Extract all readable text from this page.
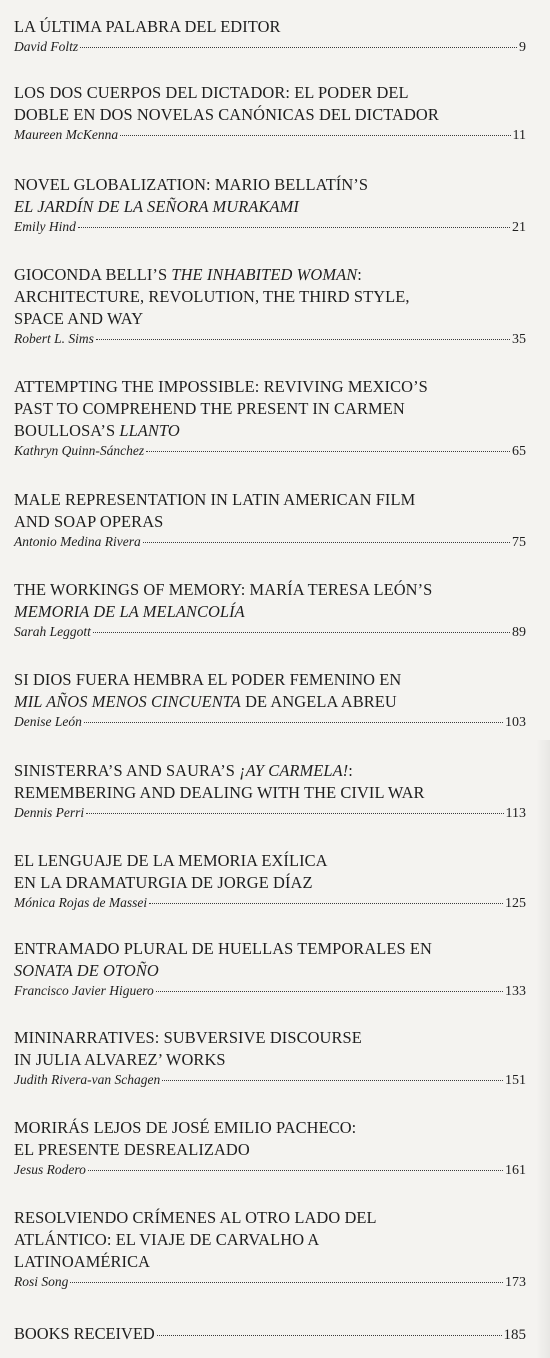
LA ÚLTIMA PALABRA DEL EDITOR
David Foltz	9
LOS DOS CUERPOS DEL DICTADOR: EL PODER DEL
DOBLE EN DOS NOVELAS CANÓNICAS DEL DICTADOR
Maureen McKenna	11
NOVEL GLOBALIZATION: MARIO BELLATÍN’S
EL JARDÍN DE LA SEÑORA MURAKAMI
Emily Hind	21
GIOCONDA BELLI’S THE INHABITED WOMAN:
ARCHITECTURE, REVOLUTION, THE THIRD STYLE,
SPACE AND WAY
Robert L. Sims	35
ATTEMPTING THE IMPOSSIBLE: REVIVING MEXICO’S
PAST TO COMPREHEND THE PRESENT IN CARMEN
BOULLOSA’S LLANTO
Kathryn Quinn-Sánchez	65
MALE REPRESENTATION IN LATIN AMERICAN FILM
AND SOAP OPERAS
Antonio Medina Rivera	75
THE WORKINGS OF MEMORY: MARÍA TERESA LEÓN’S
MEMORIA DE LA MELANCOLÍA
Sarah Leggott	89
SI DIOS FUERA HEMBRA EL PODER FEMENINO EN
MIL AÑOS MENOS CINCUENTA DE ANGELA ABREU
Denise León	103
SINISTERRA’S AND SAURA’S ¡AY CARMELA!:
REMEMBERING AND DEALING WITH THE CIVIL WAR
Dennis Perri	113
EL LENGUAJE DE LA MEMORIA EXÍLICA
EN LA DRAMATURGIA DE JORGE DÍAZ
Mónica Rojas de Massei	125
ENTRAMADO PLURAL DE HUELLAS TEMPORALES EN
SONATA DE OTOÑO
Francisco Javier Higuero	133
MININARRATIVES: SUBVERSIVE DISCOURSE
IN JULIA ALVAREZ’ WORKS
Judith Rivera-van Schagen	151
MORIRÁS LEJOS DE JOSÉ EMILIO PACHECO:
EL PRESENTE DESREALIZADO
Jesus Rodero	161
RESOLVIENDO CRÍMENES AL OTRO LADO DEL
ATLÁNTICO: EL VIAJE DE CARVALHO A
LATINOAMÉRICA
Rosi Song	173
BOOKS RECEIVED	185
